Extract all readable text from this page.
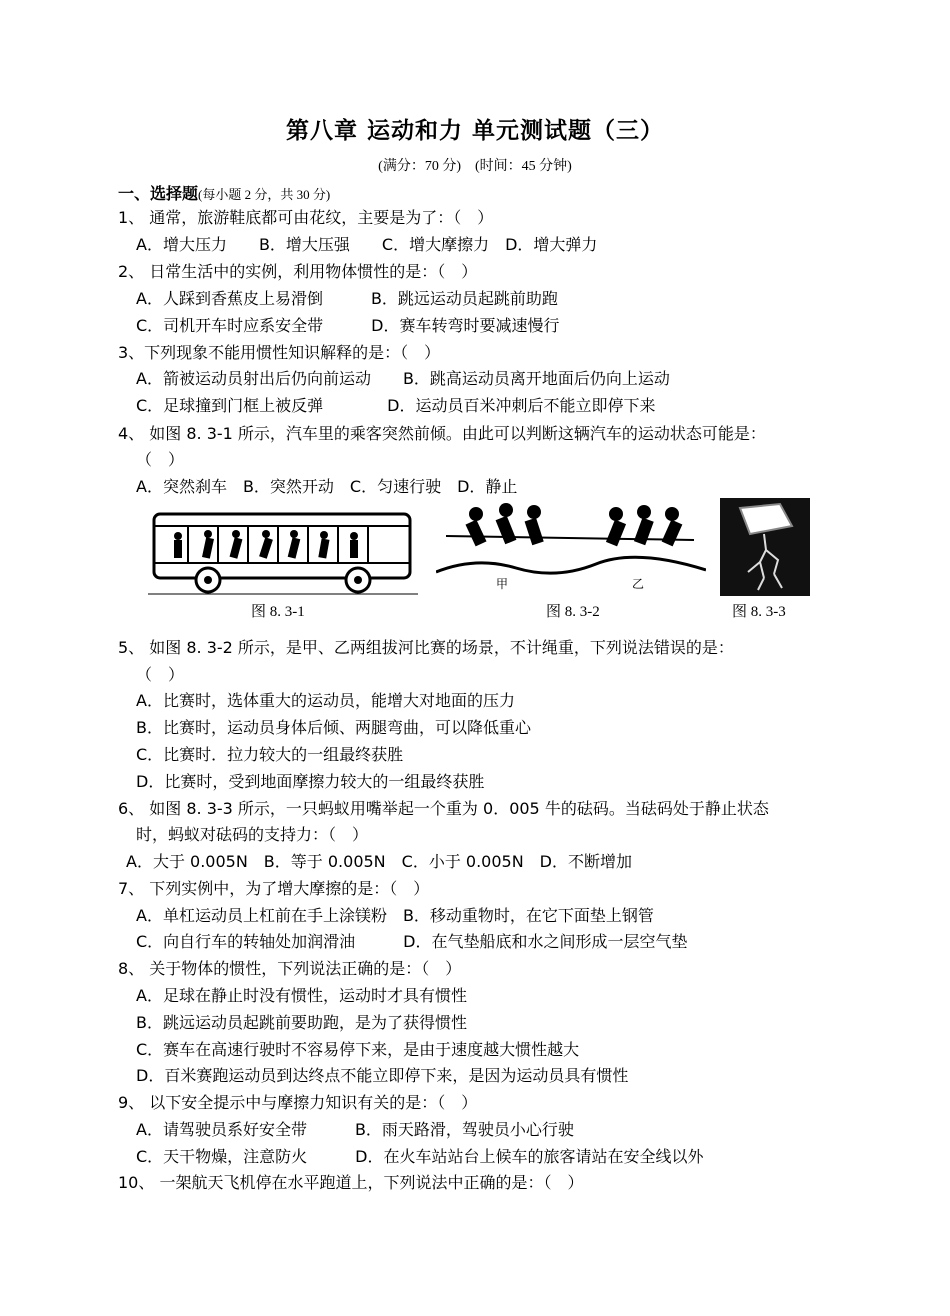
第八章 运动和力 单元测试题（三）
(满分：70 分)　(时间：45 分钟)
一、选择题(每小题 2 分，共 30 分)
1、 通常，旅游鞋底都可由花纹，主要是为了：（　）
A．增大压力　　B．增大压强　　C．增大摩擦力　D．增大弹力
2、 日常生活中的实例，利用物体惯性的是：（　）
A．人踩到香蕉皮上易滑倒　　　B．跳远运动员起跳前助跑
C．司机开车时应系安全带　　　D．赛车转弯时要减速慢行
3、下列现象不能用惯性知识解释的是：（　）
A．箭被运动员射出后仍向前运动　　B．跳高运动员离开地面后仍向上运动
C．足球撞到门框上被反弹　　　　D．运动员百米冲刺后不能立即停下来
4、 如图 8. 3-1 所示，汽车里的乘客突然前倾。由此可以判断这辆汽车的运动状态可能是：
（　）
A．突然刹车　B．突然开动　C．匀速行驶　D．静止
图 8. 3-1
甲	乙
图 8. 3-2	图 8. 3-3
5、 如图 8. 3-2 所示，是甲、乙两组拔河比赛的场景，不计绳重，下列说法错误的是：
（　）
A．比赛时，选体重大的运动员，能增大对地面的压力
B．比赛时，运动员身体后倾、两腿弯曲，可以降低重心
C．比赛时．拉力较大的一组最终获胜
D．比赛时，受到地面摩擦力较大的一组最终获胜
6、 如图 8. 3-3 所示，一只蚂蚁用嘴举起一个重为 0．005 牛的砝码。当砝码处于静止状态
时，蚂蚁对砝码的支持力：（　）
A．大于 0.005N　B．等于 0.005N　C．小于 0.005N　D．不断增加
7、 下列实例中，为了增大摩擦的是：（　）
A．单杠运动员上杠前在手上涂镁粉　B．移动重物时，在它下面垫上钢管
C．向自行车的转轴处加润滑油　　　D．在气垫船底和水之间形成一层空气垫
8、 关于物体的惯性，下列说法正确的是：（　）
A．足球在静止时没有惯性，运动时才具有惯性
B．跳远运动员起跳前要助跑，是为了获得惯性
C．赛车在高速行驶时不容易停下来，是由于速度越大惯性越大
D．百米赛跑运动员到达终点不能立即停下来，是因为运动员具有惯性
9、 以下安全提示中与摩擦力知识有关的是：（　）
A．请驾驶员系好安全带　　　B．雨天路滑，驾驶员小心行驶
C．天干物燥，注意防火　　　D．在火车站站台上候车的旅客请站在安全线以外
10、 一架航天飞机停在水平跑道上，下列说法中正确的是：（　）
